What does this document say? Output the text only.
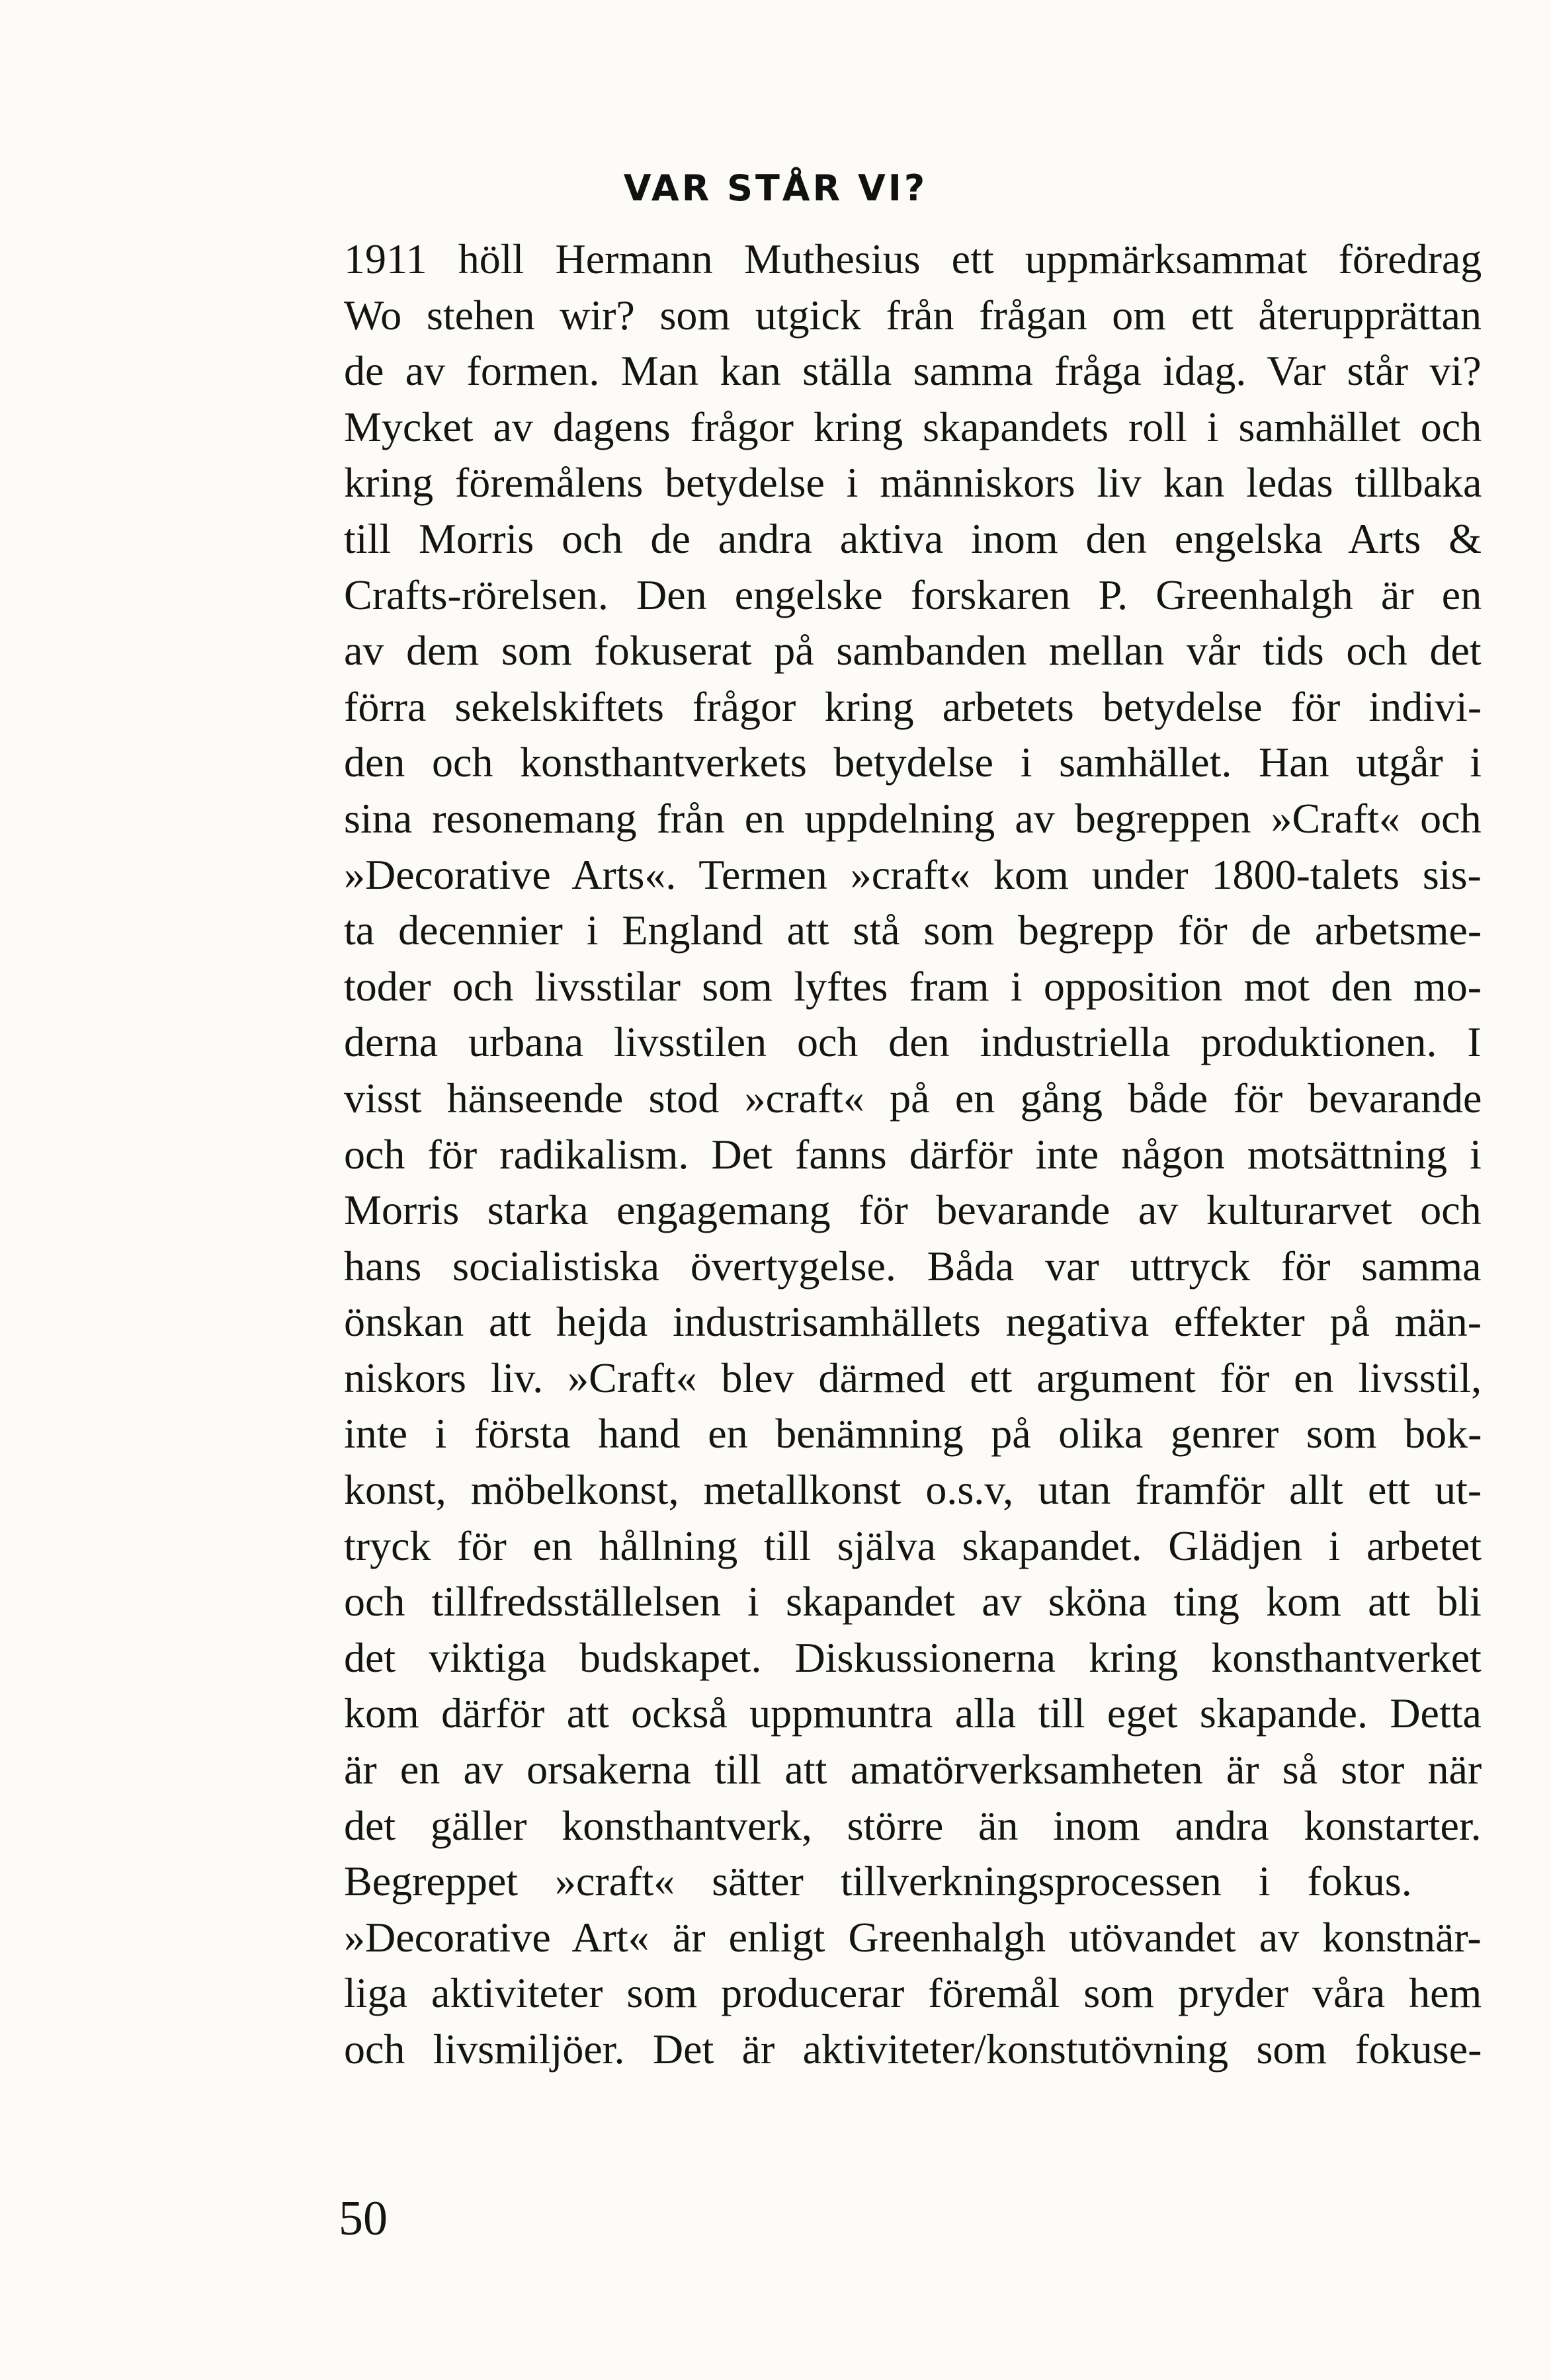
VAR STÅR VI?
1911 höll Hermann Muthesius ett uppmärksammat föredrag
Wo stehen wir? som utgick från frågan om ett återupprättan
de av formen. Man kan ställa samma fråga idag. Var står vi?
Mycket av dagens frågor kring skapandets roll i samhället och
kring föremålens betydelse i människors liv kan ledas tillbaka
till Morris och de andra aktiva inom den engelska Arts &
Crafts-rörelsen. Den engelske forskaren P. Greenhalgh är en
av dem som fokuserat på sambanden mellan vår tids och det
förra sekelskiftets frågor kring arbetets betydelse för indivi-
den och konsthantverkets betydelse i samhället. Han utgår i
sina resonemang från en uppdelning av begreppen »Craft« och
»Decorative Arts«. Termen »craft« kom under 1800-talets sis-
ta decennier i England att stå som begrepp för de arbetsme-
toder och livsstilar som lyftes fram i opposition mot den mo-
derna urbana livsstilen och den industriella produktionen. I
visst hänseende stod »craft« på en gång både för bevarande
och för radikalism. Det fanns därför inte någon motsättning i
Morris starka engagemang för bevarande av kulturarvet och
hans socialistiska övertygelse. Båda var uttryck för samma
önskan att hejda industrisamhällets negativa effekter på män-
niskors liv. »Craft« blev därmed ett argument för en livsstil,
inte i första hand en benämning på olika genrer som bok-
konst, möbelkonst, metallkonst o.s.v, utan framför allt ett ut-
tryck för en hållning till själva skapandet. Glädjen i arbetet
och tillfredsställelsen i skapandet av sköna ting kom att bli
det viktiga budskapet. Diskussionerna kring konsthantverket
kom därför att också uppmuntra alla till eget skapande. Detta
är en av orsakerna till att amatörverksamheten är så stor när
det gäller konsthantverk, större än inom andra konstarter.
Begreppet »craft« sätter tillverkningsprocessen i fokus.
»Decorative Art« är enligt Greenhalgh utövandet av konstnär-
liga aktiviteter som producerar föremål som pryder våra hem
och livsmiljöer. Det är aktiviteter/konstutövning som fokuse-
50
